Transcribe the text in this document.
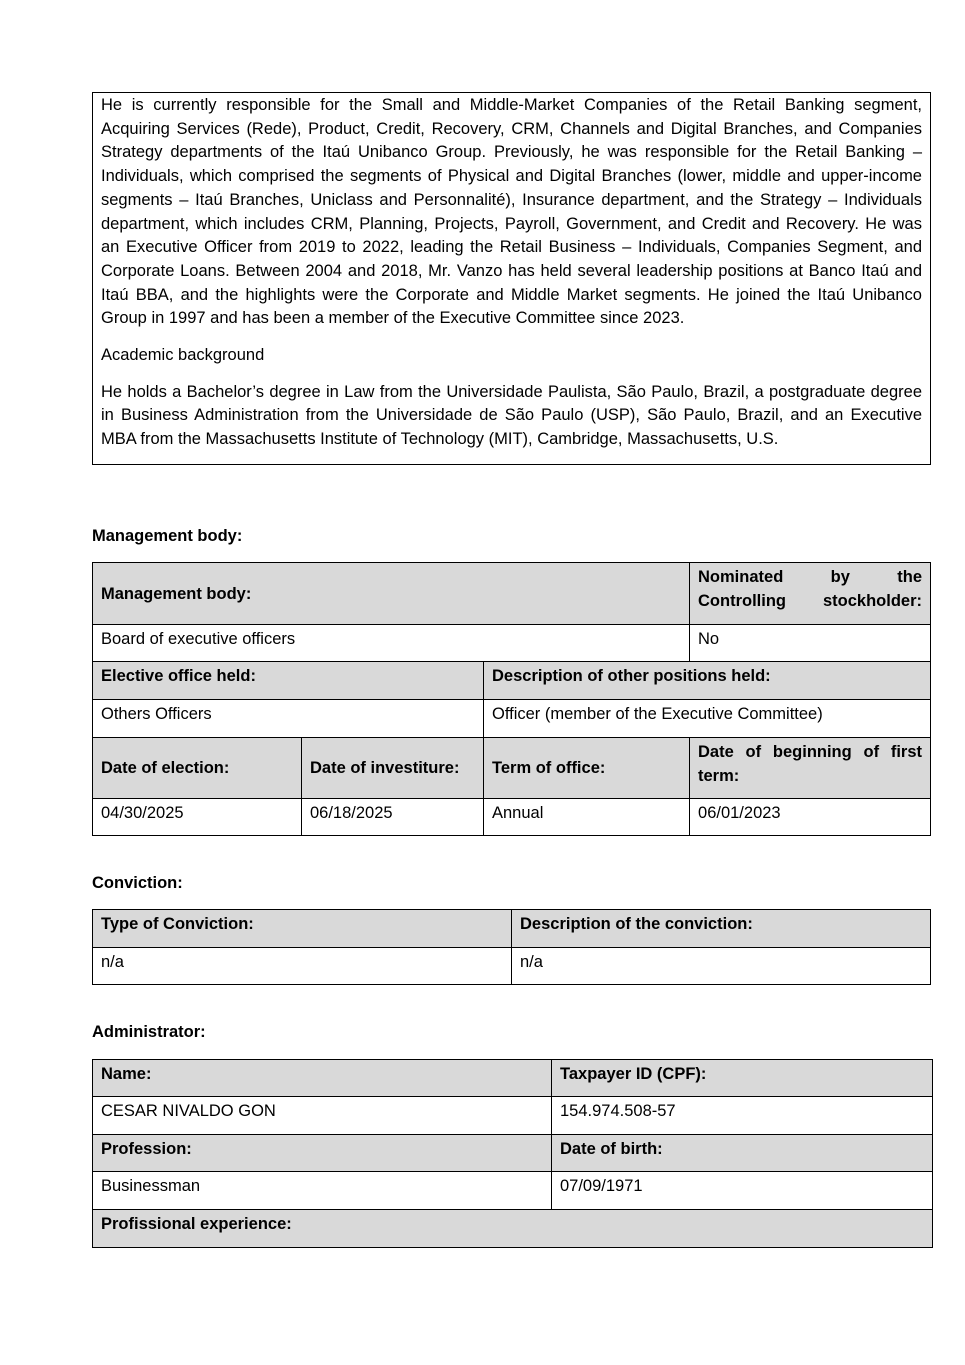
He is currently responsible for the Small and Middle-Market Companies of the Retail Banking segment, Acquiring Services (Rede), Product, Credit, Recovery, CRM, Channels and Digital Branches, and Companies Strategy departments of the Itaú Unibanco Group. Previously, he was responsible for the Retail Banking – Individuals, which comprised the segments of Physical and Digital Branches (lower, middle and upper-income segments – Itaú Branches, Uniclass and Personnalité), Insurance department, and the Strategy – Individuals department, which includes CRM, Planning, Projects, Payroll, Government, and Credit and Recovery. He was an Executive Officer from 2019 to 2022, leading the Retail Business – Individuals, Companies Segment, and Corporate Loans. Between 2004 and 2018, Mr. Vanzo has held several leadership positions at Banco Itaú and Itaú BBA, and the highlights were the Corporate and Middle Market segments. He joined the Itaú Unibanco Group in 1997 and has been a member of the Executive Committee since 2023.

Academic background

He holds a Bachelor’s degree in Law from the Universidade Paulista, São Paulo, Brazil, a postgraduate degree in Business Administration from the Universidade de São Paulo (USP), São Paulo, Brazil, and an Executive MBA from the Massachusetts Institute of Technology (MIT), Cambridge, Massachusetts, U.S.

Management body:
Management body:			Nominated by the Controlling stockholder:
Board of executive officers			No
Elective office held:		Description of other positions held:	
Others Officers		Officer (member of the Executive Committee)	
Date of election:	Date of investiture:	Term of office:	Date of beginning of first term:
04/30/2025	06/18/2025	Annual	06/01/2023
Conviction:
Type of Conviction:	Description of the conviction:
n/a	n/a
Administrator:
Name:	Taxpayer ID (CPF):
CESAR NIVALDO GON	154.974.508-57
Profession:	Date of birth:
Businessman	07/09/1971
Profissional experience:	
